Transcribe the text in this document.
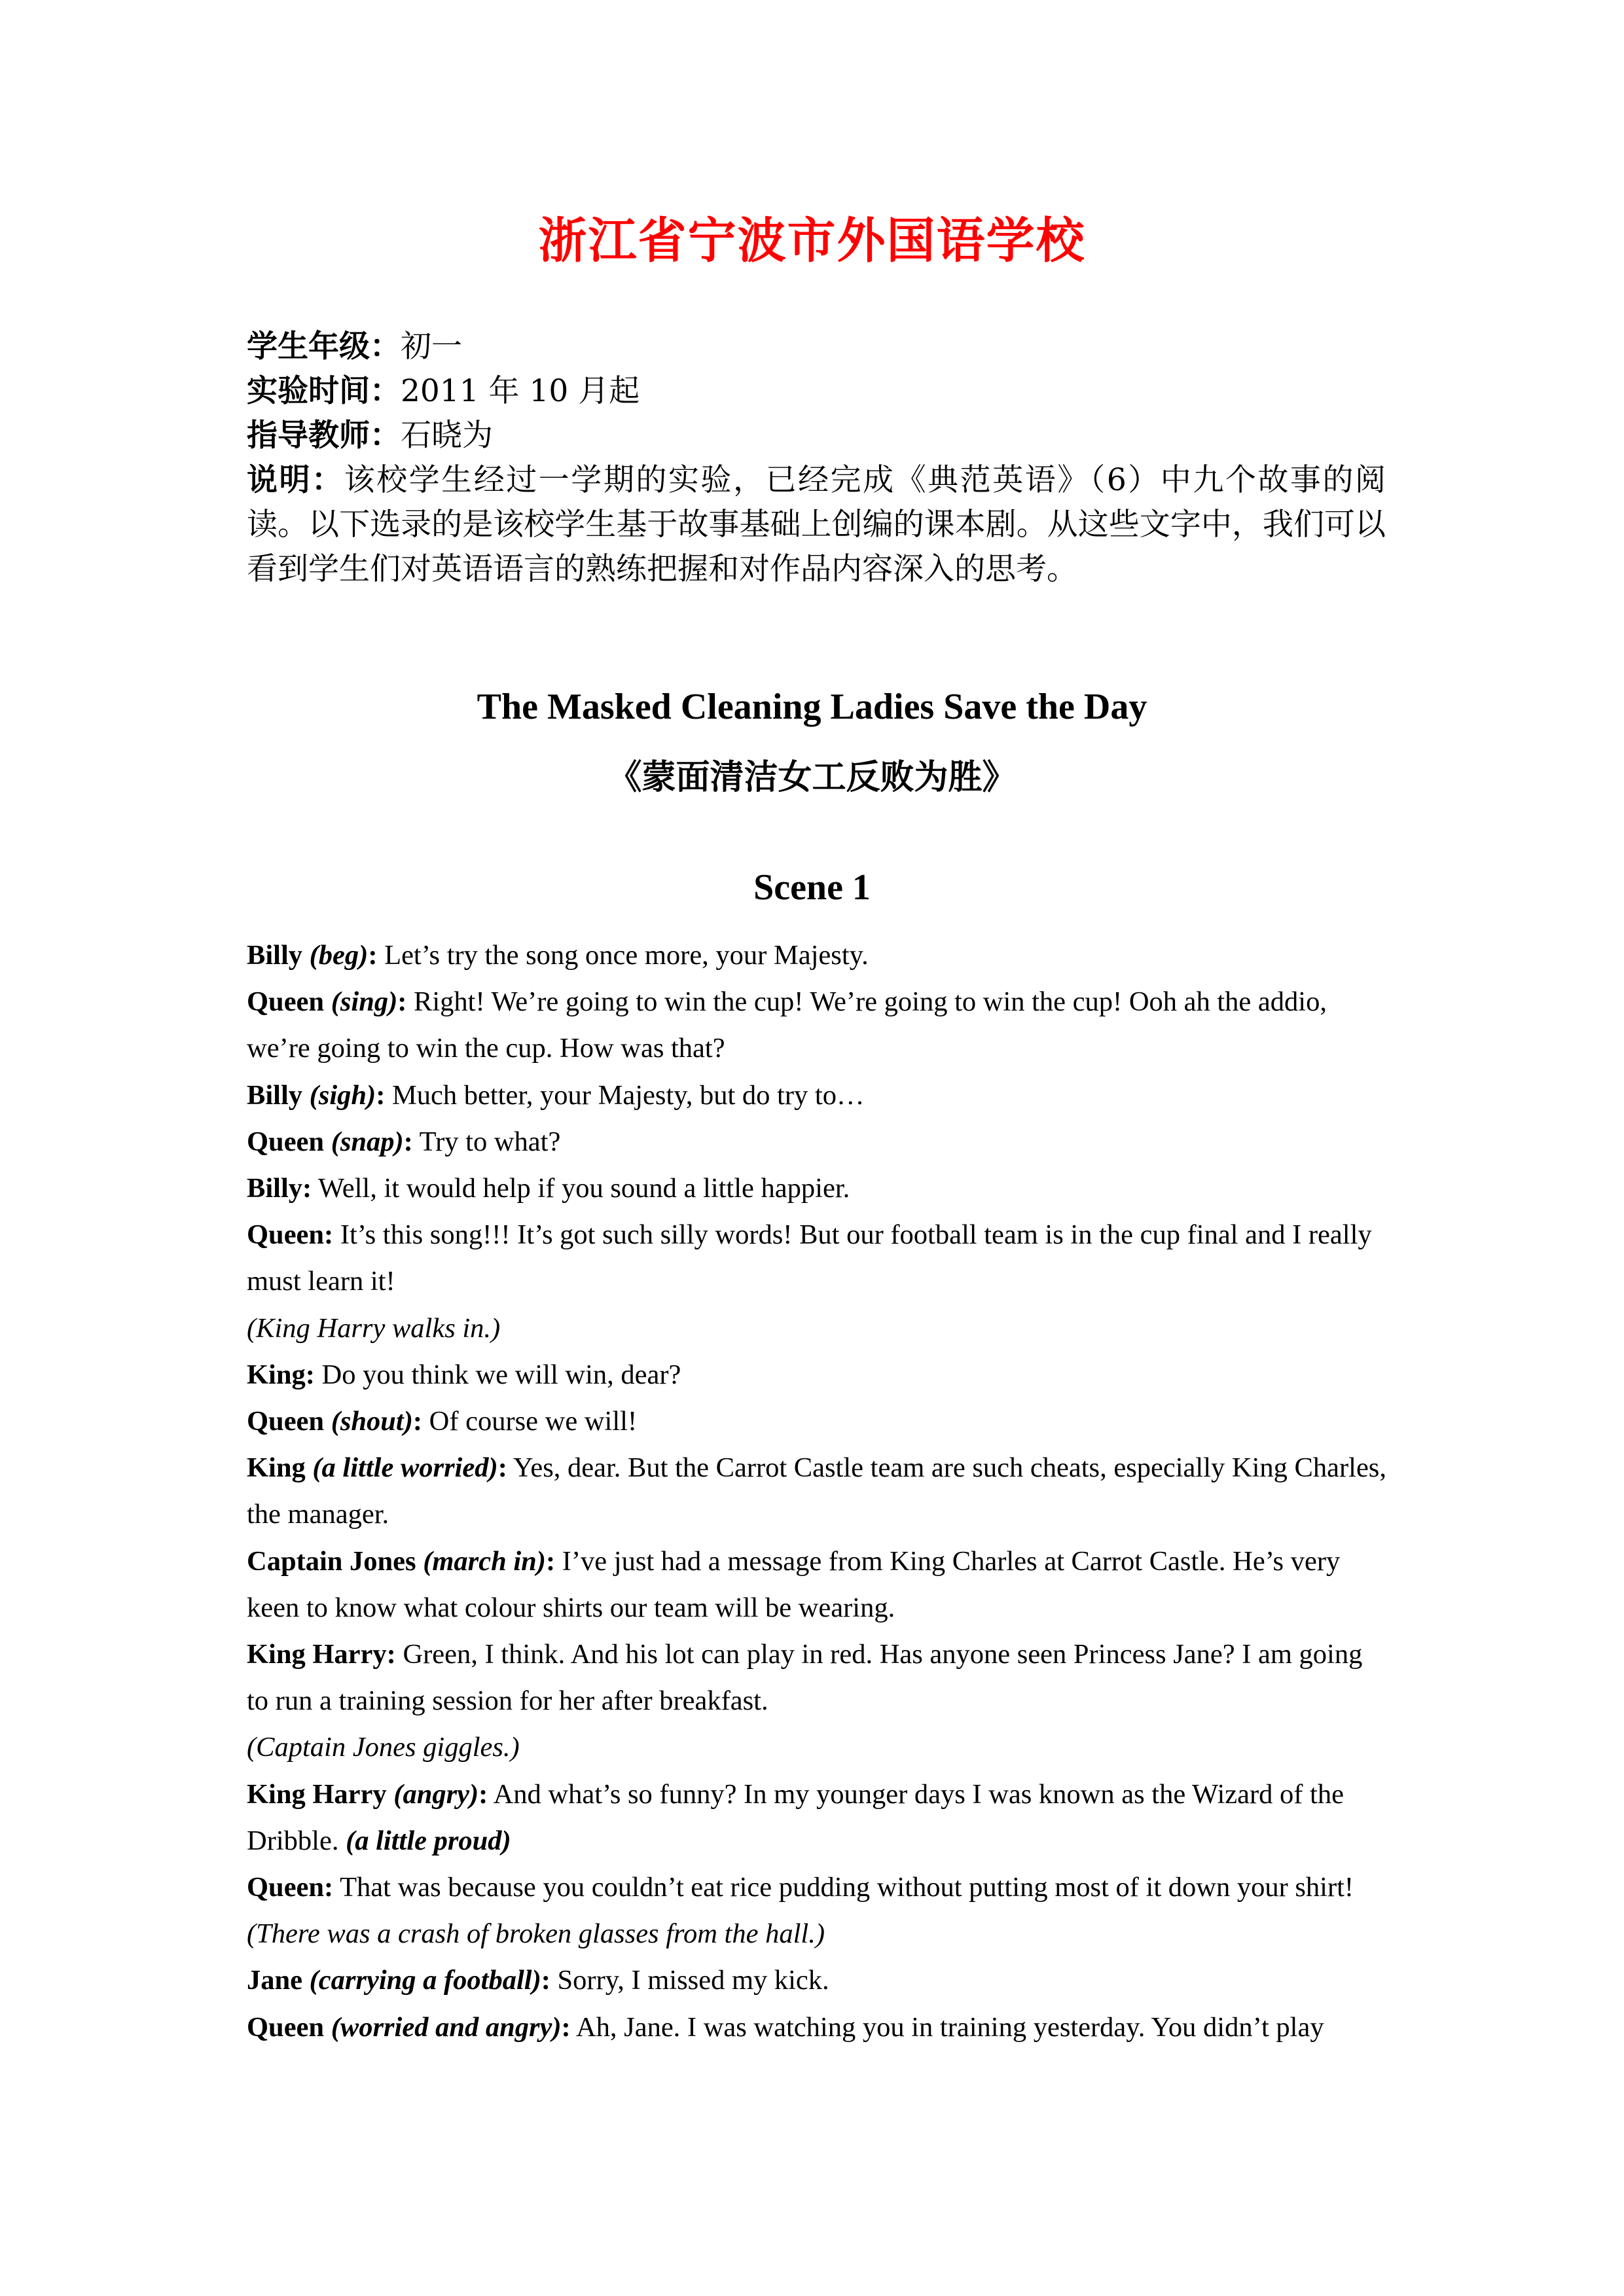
浙江省宁波市外国语学校
学生年级：初一
实验时间：2011 年 10 月起
指导教师：石晓为
说明：该校学生经过一学期的实验，已经完成《典范英语》（6）中九个故事的阅读。以下选录的是该校学生基于故事基础上创编的课本剧。从这些文字中，我们可以看到学生们对英语语言的熟练把握和对作品内容深入的思考。
The Masked Cleaning Ladies Save the Day
《蒙面清洁女工反败为胜》
Scene 1

Billy (beg): Let’s try the song once more, your Majesty.

Queen (sing): Right! We’re going to win the cup! We’re going to win the cup! Ooh ah the addio, we’re going to win the cup. How was that?

Billy (sigh): Much better, your Majesty, but do try to…

Queen (snap): Try to what?

Billy: Well, it would help if you sound a little happier.

Queen: It’s this song!!! It’s got such silly words! But our football team is in the cup final and I really must learn it!

(King Harry walks in.)

King: Do you think we will win, dear?

Queen (shout): Of course we will!

King (a little worried): Yes, dear. But the Carrot Castle team are such cheats, especially King Charles, the manager.

Captain Jones (march in): I’ve just had a message from King Charles at Carrot Castle. He’s very keen to know what colour shirts our team will be wearing.

King Harry: Green, I think. And his lot can play in red. Has anyone seen Princess Jane? I am going to run a training session for her after breakfast.

(Captain Jones giggles.)

King Harry (angry): And what’s so funny? In my younger days I was known as the Wizard of the Dribble. (a little proud)

Queen: That was because you couldn’t eat rice pudding without putting most of it down your shirt!

(There was a crash of broken glasses from the hall.)

Jane (carrying a football): Sorry, I missed my kick.

Queen (worried and angry): Ah, Jane. I was watching you in training yesterday. You didn’t play
